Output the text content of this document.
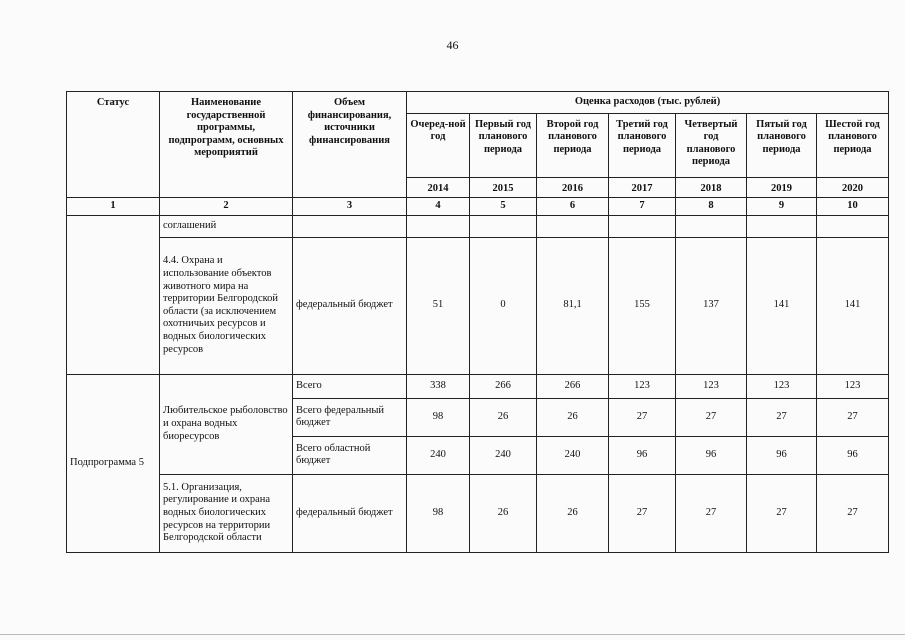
46
Статус	Наименование государственной программы, подпрограмм, основных мероприятий	Объем финансирования, источники финансирования	Оценка расходов (тыс. рублей)						
			Очеред-ной год	Первый год планового периода	Второй год планового периода	Третий год планового периода	Четвертый год планового периода	Пятый год планового периода	Шестой год планового периода
			2014	2015	2016	2017	2018	2019	2020
1	2	3	4	5	6	7	8	9	10
	соглашений								
	4.4. Охрана и использование объектов животного мира на территории Белгородской области (за исключением охотничьих ресурсов и водных биологических ресурсов	федеральный бюджет	51	0	81,1	155	137	141	141
Подпрограмма 5	Любительское рыболовство и охрана водных биоресурсов	Всего	338	266	266	123	123	123	123
		Всего федеральный бюджет	98	26	26	27	27	27	27
		Всего областной бюджет	240	240	240	96	96	96	96
	5.1. Организация, регулирование и охрана водных биологических ресурсов на территории Белгородской области	федеральный бюджет	98	26	26	27	27	27	27
